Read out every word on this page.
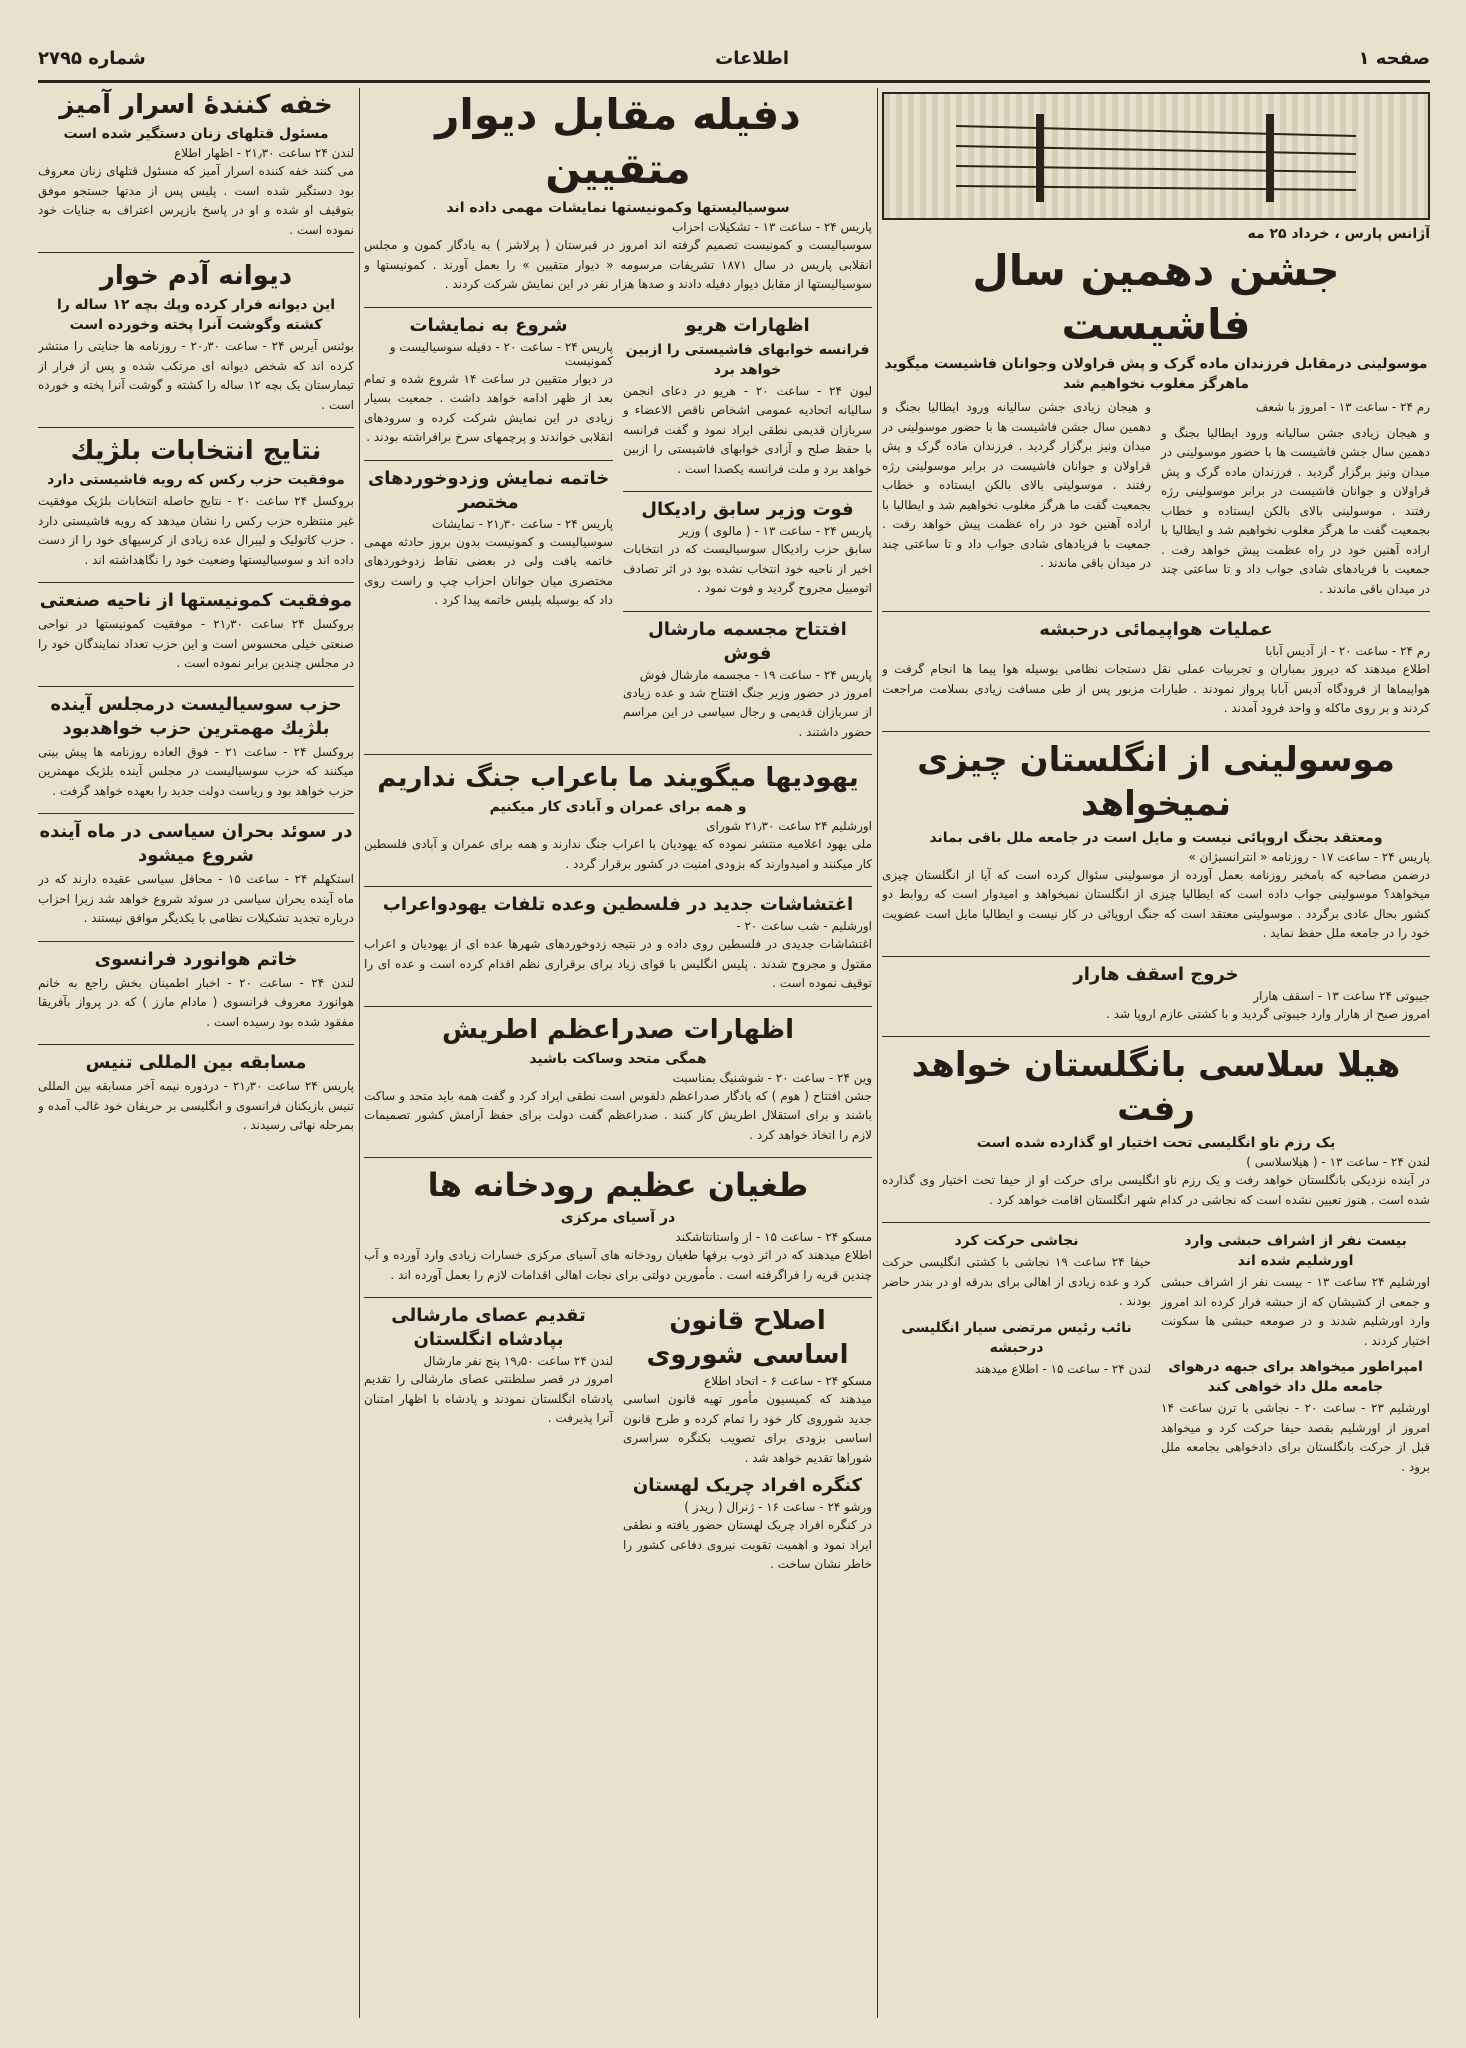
صفحه ۱
اطلاعات
شماره ۲۷۹۵
آژانس پارس ، خرداد ۲۵ مه
جشن دهمین سال فاشیست
موسولینی درمقابل فرزندان ماده گرک و پش قراولان وجوانان فاشیست میگوید ماهرگز مغلوب نخواهیم شد

رم ۲۴ - ساعت ۱۳ - امروز با شعف

و هیجان زیادی جشن سالیانه ورود ایطالیا بجنگ و دهمین سال جشن فاشیست ها با حضور موسولینی در میدان ونیز برگزار گردید . فرزندان ماده گرک و پش قراولان و جوانان فاشیست در برابر موسولینی رژه رفتند . موسولینی بالای بالکن ایستاده و خطاب بجمعیت گفت ما هرگز مغلوب نخواهیم شد و ایطالیا با اراده آهنین خود در راه عظمت پیش خواهد رفت . جمعیت با فریادهای شادی جواب داد و تا ساعتی چند در میدان باقی ماندند .

و هیجان زیادی جشن سالیانه ورود ایطالیا بجنگ و دهمین سال جشن فاشیست ها با حضور موسولینی در میدان ونیز برگزار گردید . فرزندان ماده گرک و پش قراولان و جوانان فاشیست در برابر موسولینی رژه رفتند . موسولینی بالای بالکن ایستاده و خطاب بجمعیت گفت ما هرگز مغلوب نخواهیم شد و ایطالیا با اراده آهنین خود در راه عظمت پیش خواهد رفت . جمعیت با فریادهای شادی جواب داد و تا ساعتی چند در میدان باقی ماندند .

عملیات هواپیمائی درحبشه
رم ۲۴ - ساعت ۲۰ - از آدیس آبابا

اطلاع میدهند که دیروز بمباران و تجربیات عملی نقل دستجات نظامی بوسیله هوا پیما ها انجام گرفت و هواپیماها از فرودگاه آدیس آبابا پرواز نمودند . طیارات مزبور پس از طی مسافت زیادی بسلامت مراجعت کردند و بر روی ماکله و واحد فرود آمدند .

موسولینی از انگلستان چیزی نمیخواهد
ومعتقد بجنگ اروپائی نیست و مایل است در جامعه ملل باقی بماند
پاریس ۲۴ - ساعت ۱۷ - روزنامه « انترانسیژان »

درضمن مصاحبه که بامخبر روزنامه بعمل آورده از موسولینی سئوال کرده است که آیا از انگلستان چیزی میخواهد؟ موسولینی جواب داده است که ایطالیا چیزی از انگلستان نمیخواهد و امیدوار است که روابط دو کشور بحال عادی برگردد . موسولینی معتقد است که جنگ اروپائی در کار نیست و ایطالیا مایل است عضویت خود را در جامعه ملل حفظ نماید .

خروج اسقف هارار
جیبوتی ۲۴ ساعت ۱۳ - اسقف هارار

امروز صبح از هارار وارد جیبوتی گردید و با کشتی عازم اروپا شد .

هیلا سلاسی بانگلستان خواهد رفت
یک رزم ناو انگلیسی تحت اختیار او گذارده شده است
لندن ۲۴ - ساعت ۱۳ - ( هیلاسلاسی )

در آینده نزدیکی بانگلستان خواهد رفت و یک رزم ناو انگلیسی برای حرکت او از حیفا تحت اختیار وی گذارده شده است . هنوز تعیین نشده است که نجاشی در کدام شهر انگلستان اقامت خواهد کرد .

بیست نفر از اشراف حبشی وارد اورشلیم شده اند

اورشلیم ۲۴ ساعت ۱۳ - بیست نفر از اشراف حبشی و جمعی از کشیشان که از حبشه فرار کرده اند امروز وارد اورشلیم شدند و در صومعه حبشی ها سکونت اختیار کردند .

امپراطور میخواهد برای جبهه درهوای جامعه ملل داد خواهی کند

اورشلیم ۲۳ - ساعت ۲۰ - نجاشی با ترن ساعت ۱۴ امروز از اورشلیم بقصد حیفا حرکت کرد و میخواهد قبل از حرکت بانگلستان برای دادخواهی بجامعه ملل برود .

نجاشی حرکت کرد

حیفا ۲۴ ساعت ۱۹ نجاشی با کشتی انگلیسی حرکت کرد و عده زیادی از اهالی برای بدرقه او در بندر حاضر بودند .

نائب رئیس مرتضی سیار انگلیسی درحبشه

لندن ۲۴ - ساعت ۱۵ - اطلاع میدهند

دفیله مقابل دیوار متقیین
سوسیالیستها وکمونیستها نمایشات مهمی داده اند
پاریس ۲۴ - ساعت ۱۳ - تشکیلات احزاب

سوسیالیست و کمونیست تصمیم گرفته اند امروز در قبرستان ( پرلاشز ) به یادگار کمون و مجلس انقلابی پاریس در سال ۱۸۷۱ تشریفات مرسومه « دیوار متقیین » را بعمل آورند . کمونیستها و سوسیالیستها از مقابل دیوار دفیله دادند و صدها هزار نفر در این نمایش شرکت کردند .

اظهارات هریو
فرانسه خوابهای فاشیستی را ازبین خواهد برد

لیون ۲۴ - ساعت ۲۰ - هریو در دعای انجمن سالیانه اتحادیه عمومی اشخاص ناقص الاعضاء و سربازان قدیمی نطقی ایراد نمود و گفت فرانسه با حفظ صلح و آزادی خوابهای فاشیستی را ازبین خواهد برد و ملت فرانسه یکصدا است .

فوت وزیر سابق رادیکال
پاریس ۲۴ - ساعت ۱۳ - ( مالوی ) وزیر

سابق حزب رادیکال سوسیالیست که در انتخابات اخیر از ناحیه خود انتخاب نشده بود در اثر تصادف اتومبیل مجروح گردید و فوت نمود .

افتتاح مجسمه مارشال فوش
پاریس ۲۴ - ساعت ۱۹ - مجسمه مارشال فوش

امروز در حضور وزیر جنگ افتتاح شد و عده زیادی از سربازان قدیمی و رجال سیاسی در این مراسم حضور داشتند .

شروع به نمایشات
پاریس ۲۴ - ساعت ۲۰ - دفیله سوسیالیست و کمونیست

در دیوار متقیین در ساعت ۱۴ شروع شده و تمام بعد از ظهر ادامه خواهد داشت . جمعیت بسیار زیادی در این نمایش شرکت کرده و سرودهای انقلابی خواندند و پرچمهای سرخ برافراشته بودند .

خاتمه نمایش وزدوخوردهای مختصر
پاریس ۲۴ - ساعت ۲۱٫۳۰ - نمایشات

سوسیالیست و کمونیست بدون بروز حادثه مهمی خاتمه یافت ولی در بعضی نقاط زدوخوردهای مختصری میان جوانان احزاب چپ و راست روی داد که بوسیله پلیس خاتمه پیدا کرد .

یهودیها میگویند ما باعراب جنگ نداریم
و همه برای عمران و آبادی کار میکنیم
اورشلیم ۲۴ ساعت ۲۱٫۳۰ شورای

ملی یهود اعلامیه منتشر نموده که یهودیان با اعراب جنگ ندارند و همه برای عمران و آبادی فلسطین کار میکنند و امیدوارند که بزودی امنیت در کشور برقرار گردد .

اغتشاشات جدید در فلسطین وعده تلفات یهودواعراب
اورشلیم - شب ساعت ۲۰ -

اغتشاشات جدیدی در فلسطین روی داده و در نتیجه زدوخوردهای شهرها عده ای از یهودیان و اعراب مقتول و مجروح شدند . پلیس انگلیس با قوای زیاد برای برقراری نظم اقدام کرده است و عده ای را توقیف نموده است .

اظهارات صدراعظم اطریش
همگی متحد وساکت باشید
وین ۲۴ - ساعت ۲۰ - شوشنیگ بمناسبت

جشن افتتاح ( هوم ) که یادگار صدراعظم دلفوس است نطقی ایراد کرد و گفت همه باید متحد و ساکت باشند و برای استقلال اطریش کار کنند . صدراعظم گفت دولت برای حفظ آرامش کشور تصمیمات لازم را اتخاذ خواهد کرد .

طغیان عظیم رودخانه ها
در آسیای مرکزی
مسکو ۲۴ - ساعت ۱۵ - از واستانتاشکند

اطلاع میدهند که در اثر ذوب برفها طغیان رودخانه های آسیای مرکزی خسارات زیادی وارد آورده و آب چندین قریه را فراگرفته است . مأمورین دولتی برای نجات اهالی اقدامات لازم را بعمل آورده اند .

اصلاح قانون اساسی شوروی
مسکو ۲۴ - ساعت ۶ - اتحاد اطلاع

میدهند که کمیسیون مأمور تهیه قانون اساسی جدید شوروی کار خود را تمام کرده و طرح قانون اساسی بزودی برای تصویب بکنگره سراسری شوراها تقدیم خواهد شد .

کنگره افراد چریک لهستان
ورشو ۲۴ - ساعت ۱۶ - ژنرال ( ریدز )

در کنگره افراد چریک لهستان حضور یافته و نطقی ایراد نمود و اهمیت تقویت نیروی دفاعی کشور را خاطر نشان ساخت .

تقدیم عصای مارشالی بپادشاه انگلستان
لندن ۲۴ ساعت ۱۹٫۵۰ پنج نفر مارشال

امروز در قصر سلطنتی عصای مارشالی را تقدیم پادشاه انگلستان نمودند و پادشاه با اظهار امتنان آنرا پذیرفت .

خفه کنندهٔ اسرار آمیز
مسئول قتلهای زنان دستگیر شده است
لندن ۲۴ ساعت ۲۱٫۳۰ - اظهار اطلاع

می کنند خفه کننده اسرار آمیز که مسئول قتلهای زنان معروف بود دستگیر شده است . پلیس پس از مدتها جستجو موفق بتوقیف او شده و او در پاسخ بازپرس اعتراف به جنایات خود نموده است .

دیوانه آدم خوار
این دیوانه فرار کرده وپك بچه ۱۲ ساله را کشته وگوشت آنرا پخته وخورده است

بوئنس آیرس ۲۴ - ساعت ۲۰٫۳۰ - روزنامه ها جنایتی را منتشر کرده اند که شخص دیوانه ای مرتکب شده و پس از فرار از تیمارستان یک بچه ۱۲ ساله را کشته و گوشت آنرا پخته و خورده است .

نتایج انتخابات بلژیك
موفقیت حزب رکس که رویه فاشیستی دارد

بروکسل ۲۴ ساعت ۲۰ - نتایج حاصله انتخابات بلژیک موفقیت غیر منتظره حزب رکس را نشان میدهد که رویه فاشیستی دارد . حزب کاتولیک و لیبرال عده زیادی از کرسیهای خود را از دست داده اند و سوسیالیستها وضعیت خود را نگاهداشته اند .

موفقیت کمونیستها از ناحیه صنعتی

بروکسل ۲۴ ساعت ۲۱٫۳۰ - موفقیت کمونیستها در نواحی صنعتی خیلی محسوس است و این حزب تعداد نمایندگان خود را در مجلس چندین برابر نموده است .

حزب سوسیالیست درمجلس آینده بلژیك مهمترین حزب خواهدبود

بروکسل ۲۴ - ساعت ۲۱ - فوق العاده روزنامه ها پیش بینی میکنند که حزب سوسیالیست در مجلس آینده بلژیک مهمترین حزب خواهد بود و ریاست دولت جدید را بعهده خواهد گرفت .

در سوئد بحران سیاسی در ماه آینده شروع میشود

استکهلم ۲۴ - ساعت ۱۵ - محافل سیاسی عقیده دارند که در ماه آینده بحران سیاسی در سوئد شروع خواهد شد زیرا احزاب درباره تجدید تشکیلات نظامی با یکدیگر موافق نیستند .

خاتم هوانورد فرانسوی

لندن ۲۴ - ساعت ۲۰ - اخبار اطمینان بخش راجع به خانم هوانورد معروف فرانسوی ( مادام مارز ) که در پرواز بآفریقا مفقود شده بود رسیده است .

مسابقه بین المللی تنیس

پاریس ۲۴ ساعت ۲۱٫۳۰ - دردوره نیمه آخر مسابقه بین المللی تنیس بازیکنان فرانسوی و انگلیسی بر حریفان خود غالب آمده و بمرحله نهائی رسیدند .
